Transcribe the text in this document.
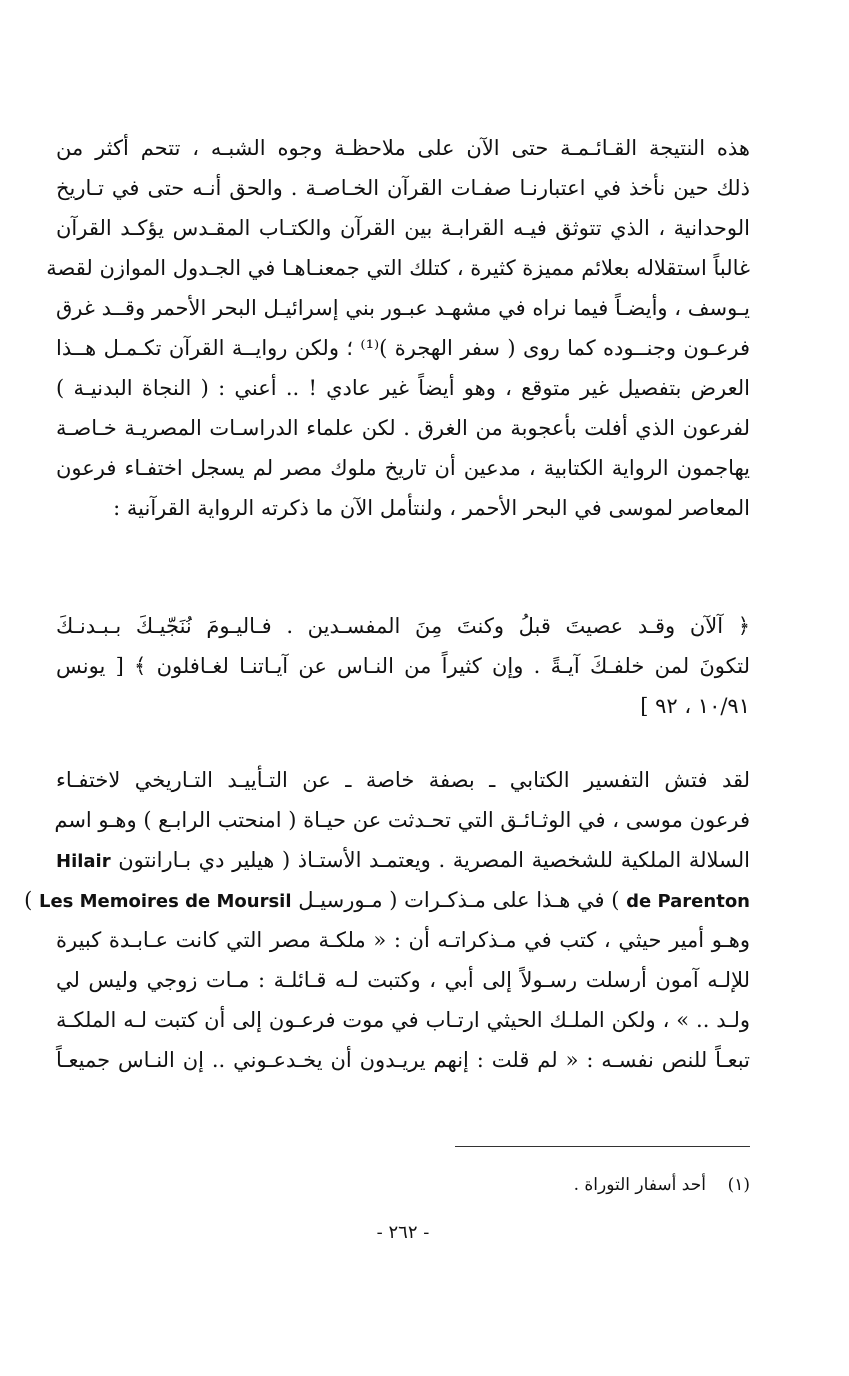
هذه النتيجة القـائـمـة حتى الآن على ملاحظـة وجوه الشبـه ، تتحم أكثر من
ذلك حين نأخذ في اعتبارنـا صفـات القرآن الخـاصـة . والحق أنـه حتى في تـاريخ
الوحدانية ، الذي تتوثق فيـه القرابـة بين القرآن والكتـاب المقـدس يؤكـد القرآن
غالباً استقلاله بعلائم مميزة كثيرة ، كتلك التي جمعنـاهـا في الجـدول الموازن لقصة
يـوسف ، وأيضـاً فيما نراه في مشهـد عبـور بني إسرائيـل البحر الأحمر وقــد غرق
فرعـون وجنــوده كما روى ( سفر الهجرة )⁽¹⁾ ؛ ولكن روايــة القرآن تكـمـل هــذا
العرض بتفصيل غير متوقع ، وهو أيضاً غير عادي ! .. أعني : ( النجاة البدنيـة )
لفرعون الذي أفلت بأعجوبة من الغرق . لكن علماء الدراسـات المصريـة خـاصـة
يهاجمون الرواية الكتابية ، مدعين أن تاريخ ملوك مصر لم يسجل اختفـاء فرعون
المعاصر لموسى في البحر الأحمر ، ولنتأمل الآن ما ذكرته الرواية القرآنية :
﴿ آلآن وقـد عصيتَ قبلُ وكنتَ مِنَ المفسـدين . فـاليـومَ نُنَجّيـكَ بـبـدنـكَ
لتكونَ لمن خلفـكَ آيـةً . وإن كثيراً من النـاس عن آيـاتنـا لغـافلون ﴾ [ يونس
١٠/٩١ ، ٩٢ ]
لقد فتش التفسير الكتابي ـ بصفة خاصة ـ عن التـأييـد التـاريخي لاختفـاء
فرعون موسى ، في الوثـائـق التي تحـدثت عن حيـاة ( امنحتب الرابـع ) وهـو اسم
السلالة الملكية للشخصية المصرية . ويعتمـد الأستـاذ ( هيلير دي بـارانتون Hilair
de Parenton ) في هـذا على مـذكـرات ( مـورسيـل Les Memoires de Moursil )
وهـو أمير حيثي ، كتب في مـذكراتـه أن : « ملكـة مصر التي كانت عـابـدة كبيرة
للإلـه آمون أرسلت رسـولاً إلى أبي ، وكتبت لـه قـائلـة : مـات زوجي وليس لي
ولـد .. » ، ولكن الملـك الحيثي ارتـاب في موت فرعـون إلى أن كتبت لـه الملكـة
تبعـاً للنص نفسـه : « لم قلت : إنهم يريـدون أن يخـدعـوني .. إن النـاس جميعـاً
(١)    أحد أسفار التوراة .
- ٢٦٢ -
